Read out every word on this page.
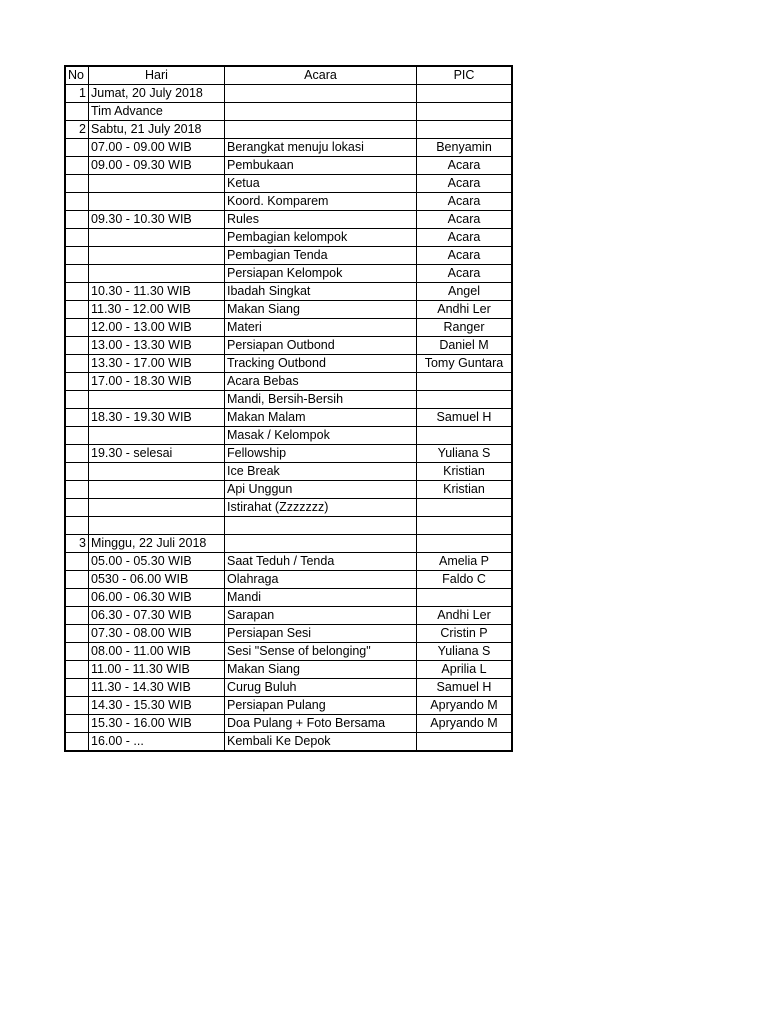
No	Hari	Acara	PIC
1	Jumat, 20 July 2018		
	Tim Advance		
2	Sabtu, 21 July 2018		
	07.00 - 09.00 WIB	Berangkat menuju lokasi	Benyamin
	09.00 - 09.30 WIB	Pembukaan	Acara
		Ketua	Acara
		Koord. Komparem	Acara
	09.30 - 10.30 WIB	Rules	Acara
		Pembagian kelompok	Acara
		Pembagian Tenda	Acara
		Persiapan Kelompok	Acara
	10.30 - 11.30 WIB	Ibadah Singkat	Angel
	11.30 - 12.00 WIB	Makan Siang	Andhi Ler
	12.00 - 13.00 WIB	Materi	Ranger
	13.00 - 13.30 WIB	Persiapan Outbond	Daniel M
	13.30 - 17.00 WIB	Tracking Outbond	Tomy Guntara
	17.00 - 18.30 WIB	Acara Bebas	
		Mandi, Bersih-Bersih	
	18.30 - 19.30 WIB	Makan Malam	Samuel H
		Masak / Kelompok	
	19.30 - selesai	Fellowship	Yuliana S
		Ice Break	Kristian
		Api Unggun	Kristian
		Istirahat (Zzzzzzz)	

3	Minggu, 22 Juli 2018		
	05.00 - 05.30 WIB	Saat Teduh / Tenda	Amelia P
	0530 - 06.00 WIB	Olahraga	Faldo C
	06.00 - 06.30 WIB	Mandi	
	06.30 - 07.30 WIB	Sarapan	Andhi Ler
	07.30 - 08.00 WIB	Persiapan Sesi	Cristin P
	08.00 - 11.00 WIB	Sesi "Sense of belonging"	Yuliana S
	11.00 - 11.30 WIB	Makan Siang	Aprilia L
	11.30 - 14.30 WIB	Curug Buluh	Samuel H
	14.30 - 15.30 WIB	Persiapan Pulang	Apryando M
	15.30 - 16.00 WIB	Doa Pulang + Foto Bersama	Apryando M
	16.00 - ...	Kembali Ke Depok	
